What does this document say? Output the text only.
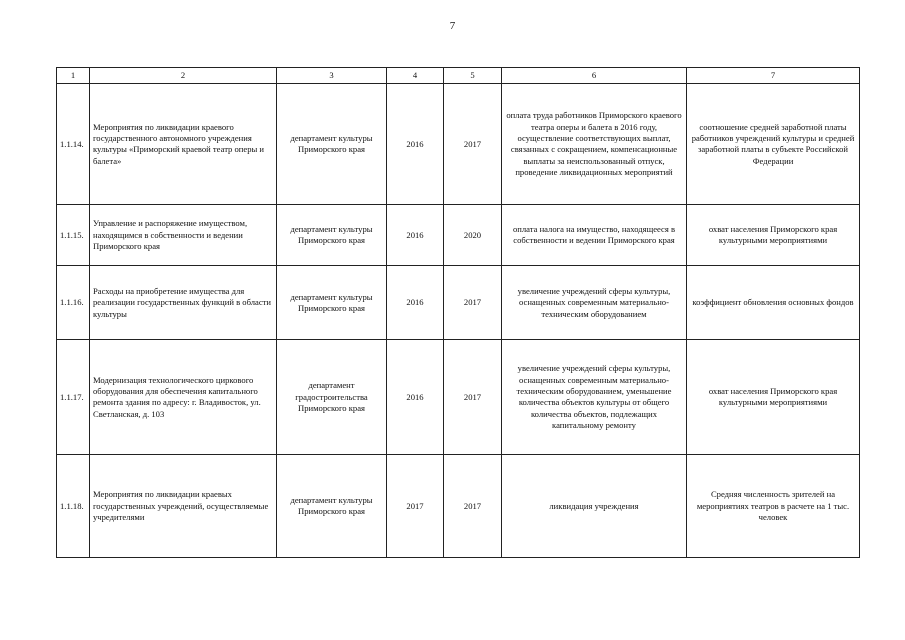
7
1	2	3	4	5	6	7
1.1.14.	Мероприятия по ликвидации краевого государственного автономного учреждения культуры «Приморский краевой театр оперы и балета»	департамент культуры Приморского края	2016	2017	оплата труда работников Приморского краевого театра оперы и балета в 2016 году, осуществление соответствующих выплат, связанных с сокращением, компенсационные выплаты за неиспользованный отпуск, проведение ликвидационных мероприятий	соотношение средней заработной платы работников учреждений культуры и средней заработной платы в субъекте Российской Федерации
1.1.15.	Управление и распоряжение имуществом, находящимся в собственности и ведении Приморского края	департамент культуры Приморского края	2016	2020	оплата налога на имущество, находящееся в собственности и ведении Приморского края	охват населения Приморского края культурными мероприятиями
1.1.16.	Расходы на приобретение имущества для реализации государственных функций в области культуры	департамент культуры Приморского края	2016	2017	увеличение учреждений сферы культуры, оснащенных современным материально-техническим оборудованием	коэффициент обновления основных фондов
1.1.17.	Модернизация технологического циркового оборудования для обеспечения капитального ремонта здания по адресу: г. Владивосток, ул. Светланская, д. 103	департамент градостроительства Приморского края	2016	2017	увеличение учреждений сферы культуры, оснащенных современным материально-техническим оборудованием, уменьшение количества объектов культуры от общего количества объектов, подлежащих капитальному ремонту	охват населения Приморского края культурными мероприятиями
1.1.18.	Мероприятия по ликвидации краевых государственных учреждений, осуществляемые учредителями	департамент культуры Приморского края	2017	2017	ликвидация учреждения	Средняя численность зрителей на мероприятиях театров в расчете на 1 тыс. человек
